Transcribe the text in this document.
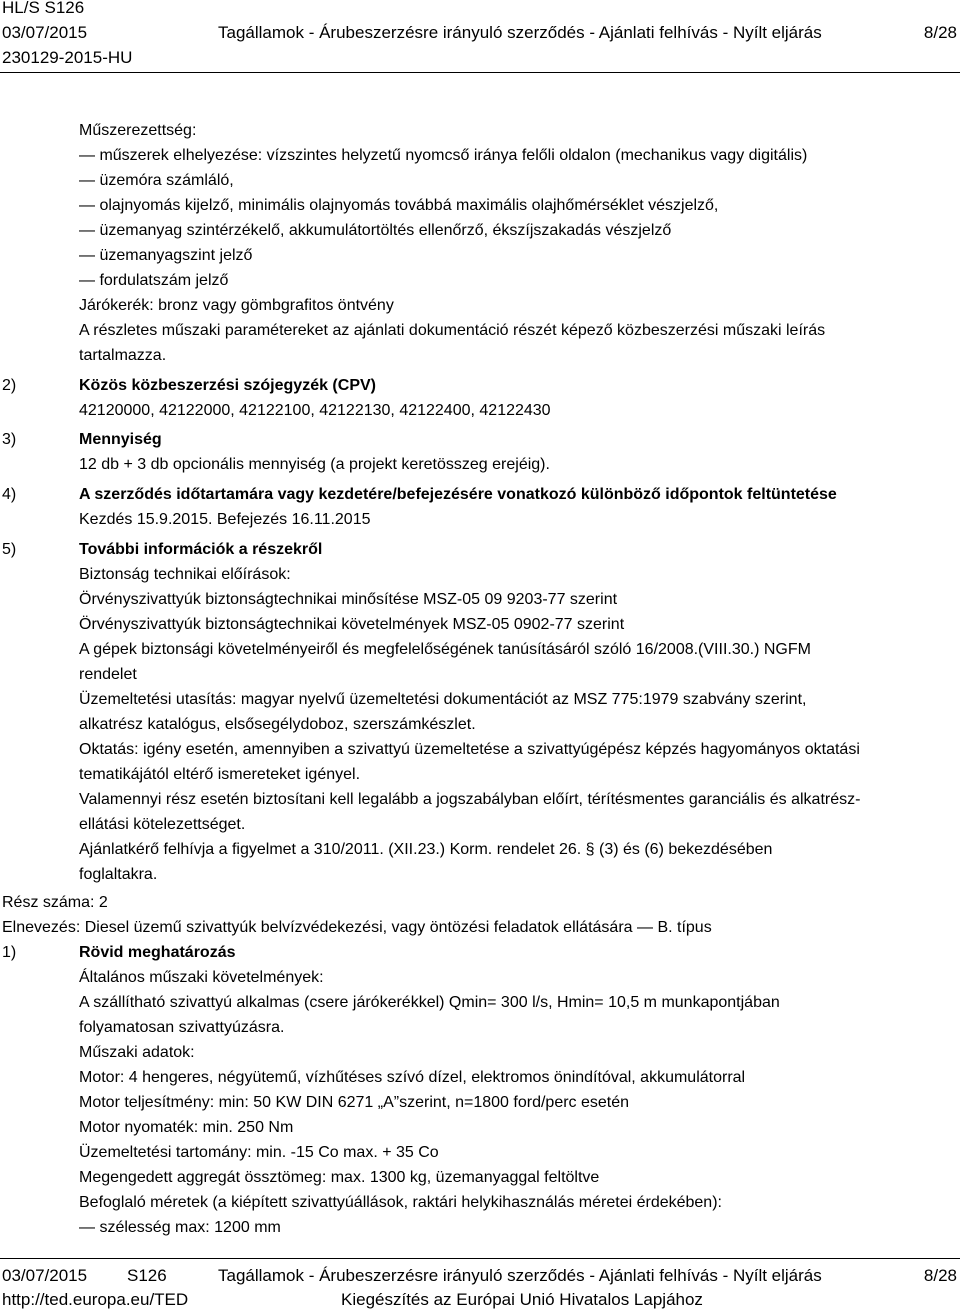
HL/S S126
03/07/2015	Tagállamok - Árubeszerzésre irányuló szerződés - Ajánlati felhívás - Nyílt eljárás	8/28
230129-2015-HU
Műszerezettség:
— műszerek elhelyezése: vízszintes helyzetű nyomcső iránya felőli oldalon (mechanikus vagy digitális)
— üzemóra számláló,
— olajnyomás kijelző, minimális olajnyomás továbbá maximális olajhőmérséklet vészjelző,
— üzemanyag szintérzékelő, akkumulátortöltés ellenőrző, ékszíjszakadás vészjelző
— üzemanyagszint jelző
— fordulatszám jelző
Járókerék: bronz vagy gömbgrafitos öntvény
A részletes műszaki paramétereket az ajánlati dokumentáció részét képező közbeszerzési műszaki leírás
tartalmazza.
2)	Közös közbeszerzési szójegyzék (CPV)
42120000, 42122000, 42122100, 42122130, 42122400, 42122430
3)	Mennyiség
12 db + 3 db opcionális mennyiség (a projekt keretösszeg erejéig).
4)	A szerződés időtartamára vagy kezdetére/befejezésére vonatkozó különböző időpontok feltüntetése
Kezdés 15.9.2015. Befejezés 16.11.2015
5)	További információk a részekről
Biztonság technikai előírások:
Örvényszivattyúk biztonságtechnikai minősítése MSZ-05 09 9203-77 szerint
Örvényszivattyúk biztonságtechnikai követelmények MSZ-05 0902-77 szerint
A gépek biztonsági követelményeiről és megfelelőségének tanúsításáról szóló 16/2008.(VIII.30.) NGFM
rendelet
Üzemeltetési utasítás: magyar nyelvű üzemeltetési dokumentációt az MSZ 775:1979 szabvány szerint,
alkatrész katalógus, elsősegélydoboz, szerszámkészlet.
Oktatás: igény esetén, amennyiben a szivattyú üzemeltetése a szivattyúgépész képzés hagyományos oktatási
tematikájától eltérő ismereteket igényel.
Valamennyi rész esetén biztosítani kell legalább a jogszabályban előírt, térítésmentes garanciális és alkatrész-
ellátási kötelezettséget.
Ajánlatkérő felhívja a figyelmet a 310/2011. (XII.23.) Korm. rendelet 26. § (3) és (6) bekezdésében
foglaltakra.
Rész száma: 2
Elnevezés: Diesel üzemű szivattyúk belvízvédekezési, vagy öntözési feladatok ellátására — B. típus
1)	Rövid meghatározás
Általános műszaki követelmények:
A szállítható szivattyú alkalmas (csere járókerékkel) Qmin= 300 l/s, Hmin= 10,5 m munkapontjában
folyamatosan szivattyúzásra.
Műszaki adatok:
Motor: 4 hengeres, négyütemű, vízhűtéses szívó dízel, elektromos önindítóval, akkumulátorral
Motor teljesítmény: min: 50 KW DIN 6271 „A”szerint, n=1800 ford/perc esetén
Motor nyomaték: min. 250 Nm
Üzemeltetési tartomány: min. -15 Co max. + 35 Co
Megengedett aggregát össztömeg: max. 1300 kg, üzemanyaggal feltöltve
Befoglaló méretek (a kiépített szivattyúállások, raktári helykihasználás méretei érdekében):
— szélesség max: 1200 mm
03/07/2015 S126	Tagállamok - Árubeszerzésre irányuló szerződés - Ajánlati felhívás - Nyílt eljárás	8/28
http://ted.europa.eu/TED	Kiegészítés az Európai Unió Hivatalos Lapjához
